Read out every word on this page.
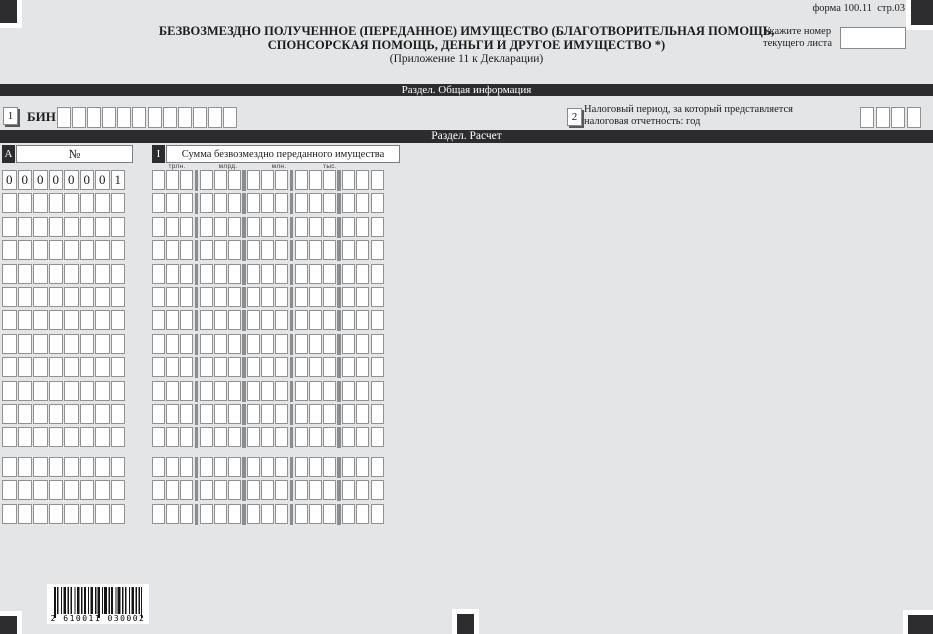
форма 100.11  стр.03
БЕЗВОЗМЕЗДНО ПОЛУЧЕННОЕ (ПЕРЕДАННОЕ) ИМУЩЕСТВО (БЛАГОТВОРИТЕЛЬНАЯ ПОМОЩЬ,
СПОНСОРСКАЯ ПОМОЩЬ, ДЕНЬГИ И ДРУГОЕ ИМУЩЕСТВО *)
(Приложение 11 к Декларации)
Укажите номер
текущего листа
Раздел. Общая информация
1	БИН	2
Налоговый период, за который представляется
налоговая отчетность: год
Раздел. Расчет
А	№	I	Сумма безвозмездно переданного имущества
трлн.	млрд.	млн.	тыс.
2 610011 030002
0 0 0 0 0 0 0 1
